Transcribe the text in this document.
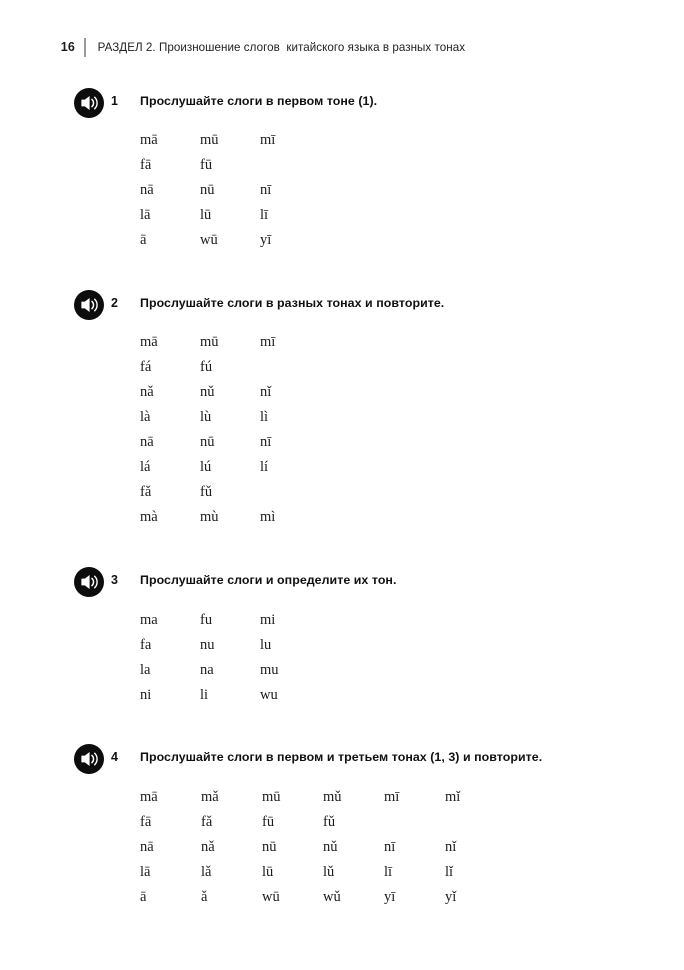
16 РАЗДЕЛ 2. Произношение слогов  китайского языка в разных тонах
1 Прослушайте слоги в первом тоне (1).
mā	mū	mī
fā	fū
nā	nū	nī
lā	lū	lī
ā	wū	yī
2 Прослушайте слоги в разных тонах и повторите.
mā	mū	mī
fá	fú
nǎ	nǔ	nǐ
là	lù	lì
nā	nū	nī
lá	lú	lí
fǎ	fǔ
mà	mù	mì
3 Прослушайте слоги и определите их тон.
ma	fu	mi
fa	nu	lu
la	na	mu
ni	li	wu
4 Прослушайте слоги в первом и третьем тонах (1, 3) и повторите.
mā	mǎ	mū	mǔ	mī	mǐ
fā	fǎ	fū	fǔ
nā	nǎ	nū	nǔ	nī	nǐ
lā	lǎ	lū	lǔ	lī	lǐ
ā	ǎ	wū	wǔ	yī	yǐ
